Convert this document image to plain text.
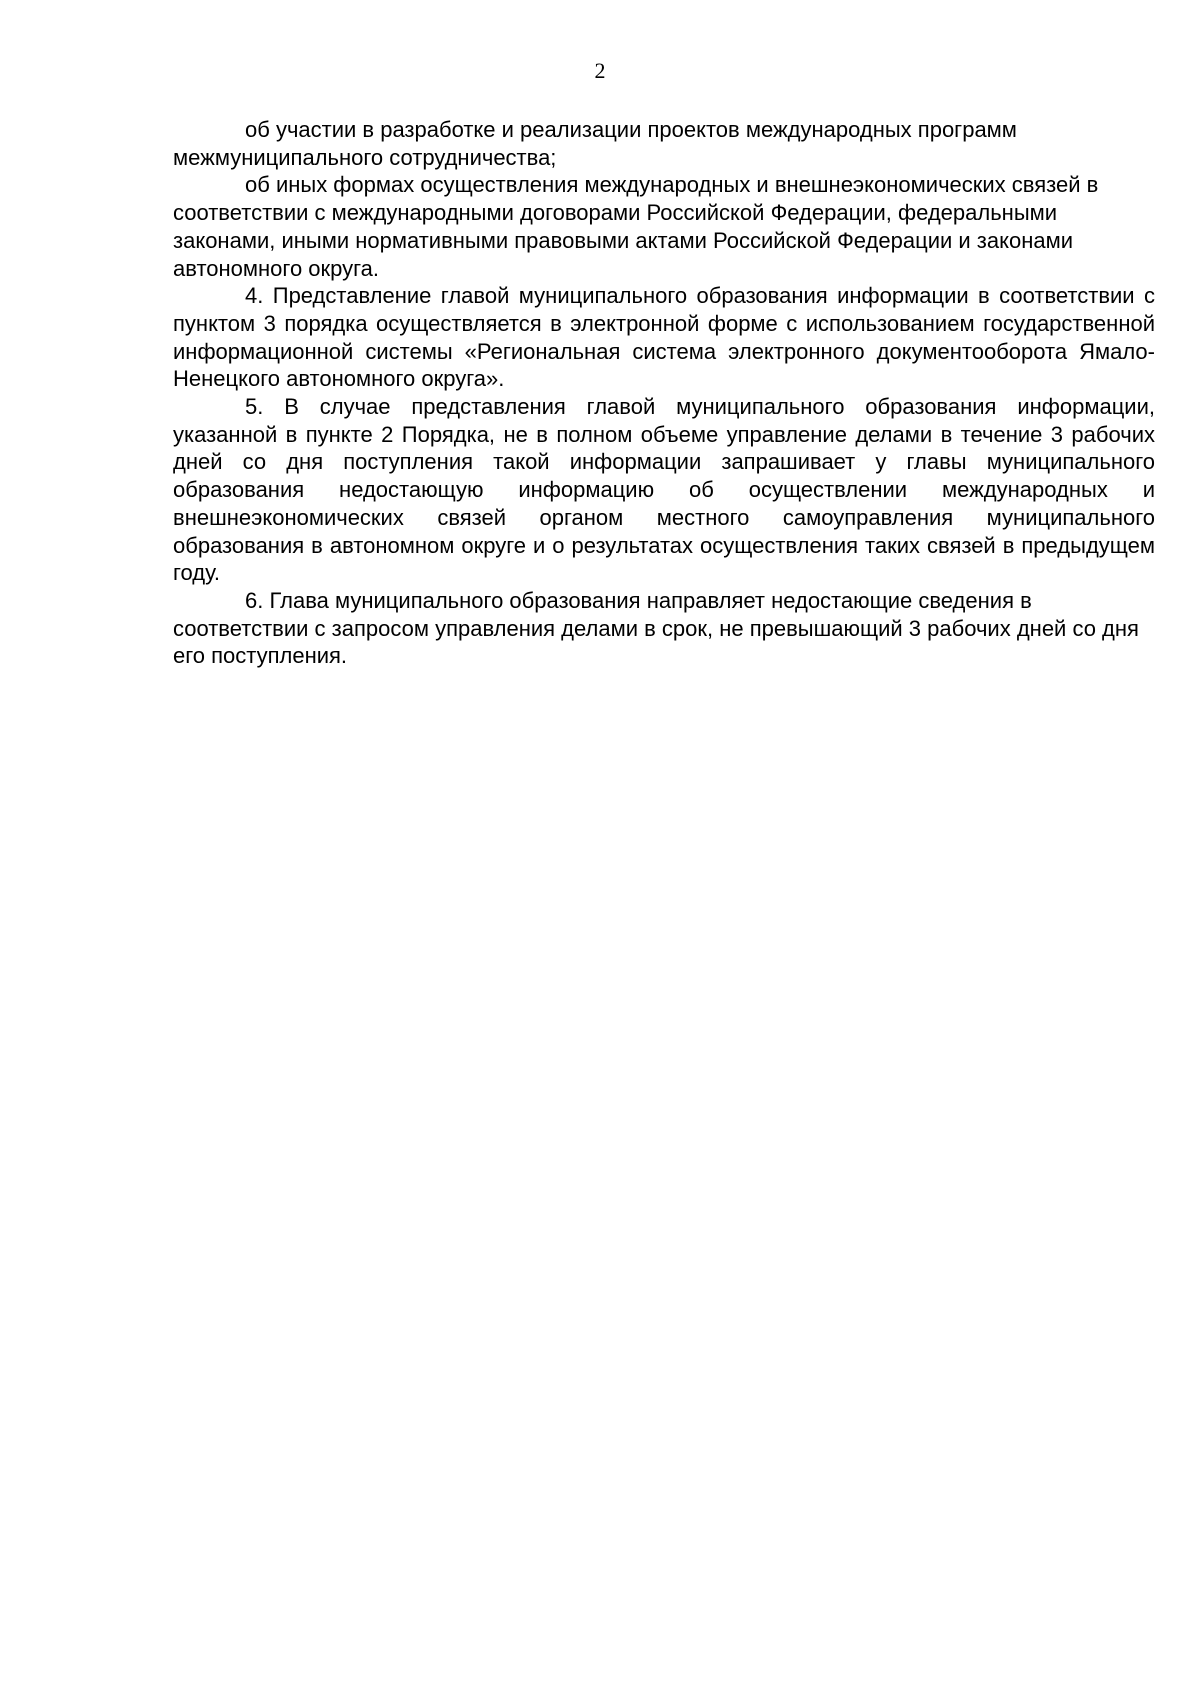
2

об участии в разработке и реализации проектов международных программ межмуниципального сотрудничества;

об иных формах осуществления международных и внешнеэкономических связей в соответствии с международными договорами Российской Федерации, федеральными законами, иными нормативными правовыми актами Российской Федерации и законами автономного округа.

4. Представление главой муниципального образования информации в соответствии с пунктом 3 порядка осуществляется в электронной форме с использованием государственной информационной системы «Региональная система электронного документооборота Ямало-Ненецкого автономного округа».

5. В случае представления главой муниципального образования информации, указанной в пункте 2 Порядка, не в полном объеме управление делами в течение 3 рабочих дней со дня поступления такой информации запрашивает у главы муниципального образования недостающую информацию об осуществлении международных и внешнеэкономических связей органом местного самоуправления муниципального образования в автономном округе и о результатах осуществления таких связей в предыдущем году.

6. Глава муниципального образования направляет недостающие сведения в соответствии с запросом управления делами в срок, не превышающий 3 рабочих дней со дня его поступления.
